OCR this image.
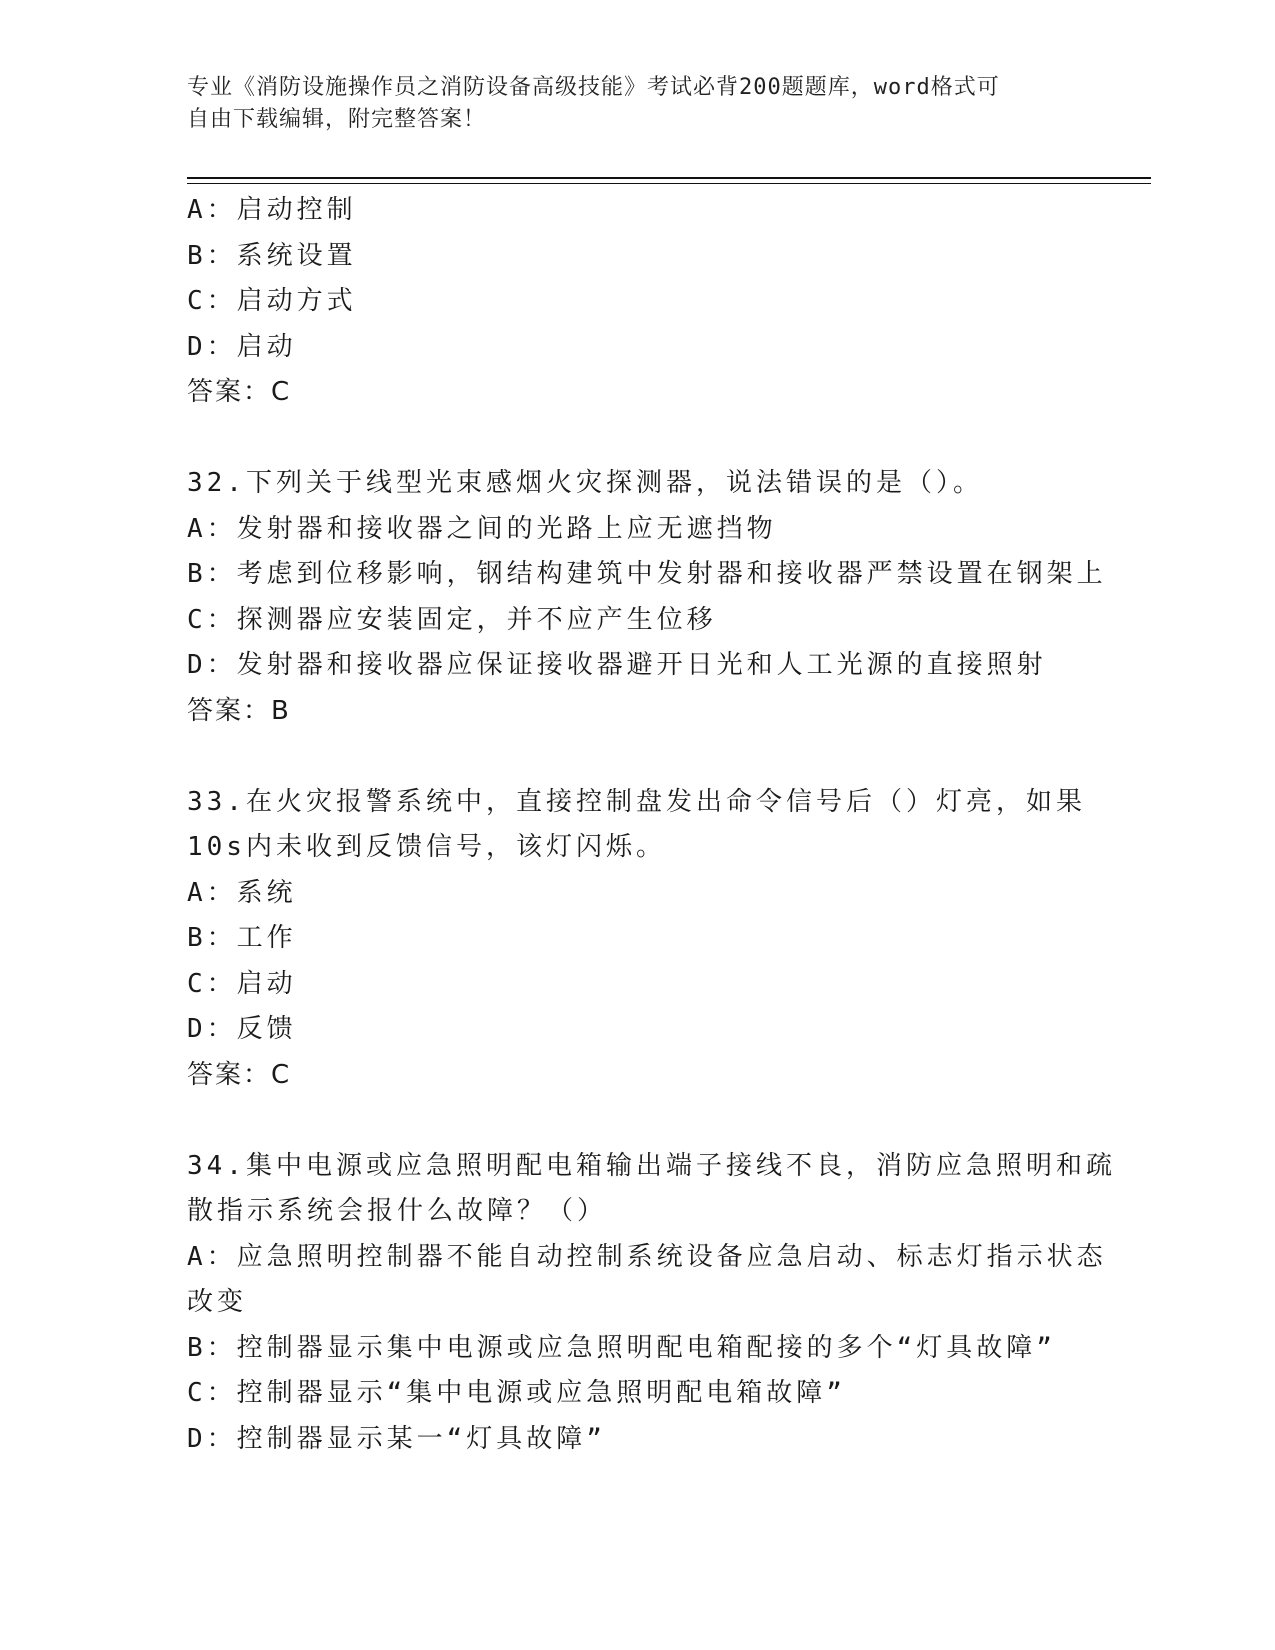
专业《消防设施操作员之消防设备高级技能》考试必背200题题库，word格式可
自由下载编辑，附完整答案！
A：启动控制
B：系统设置
C：启动方式
D：启动
答案：C
32.下列关于线型光束感烟火灾探测器，说法错误的是（）。
A：发射器和接收器之间的光路上应无遮挡物
B：考虑到位移影响，钢结构建筑中发射器和接收器严禁设置在钢架上
C：探测器应安装固定，并不应产生位移
D：发射器和接收器应保证接收器避开日光和人工光源的直接照射
答案：B
33.在火灾报警系统中，直接控制盘发出命令信号后（）灯亮，如果
10s内未收到反馈信号，该灯闪烁。
A：系统
B：工作
C：启动
D：反馈
答案：C
34.集中电源或应急照明配电箱输出端子接线不良，消防应急照明和疏
散指示系统会报什么故障？（）
A：应急照明控制器不能自动控制系统设备应急启动、标志灯指示状态
改变
B：控制器显示集中电源或应急照明配电箱配接的多个“灯具故障”
C：控制器显示“集中电源或应急照明配电箱故障”
D：控制器显示某一“灯具故障”
